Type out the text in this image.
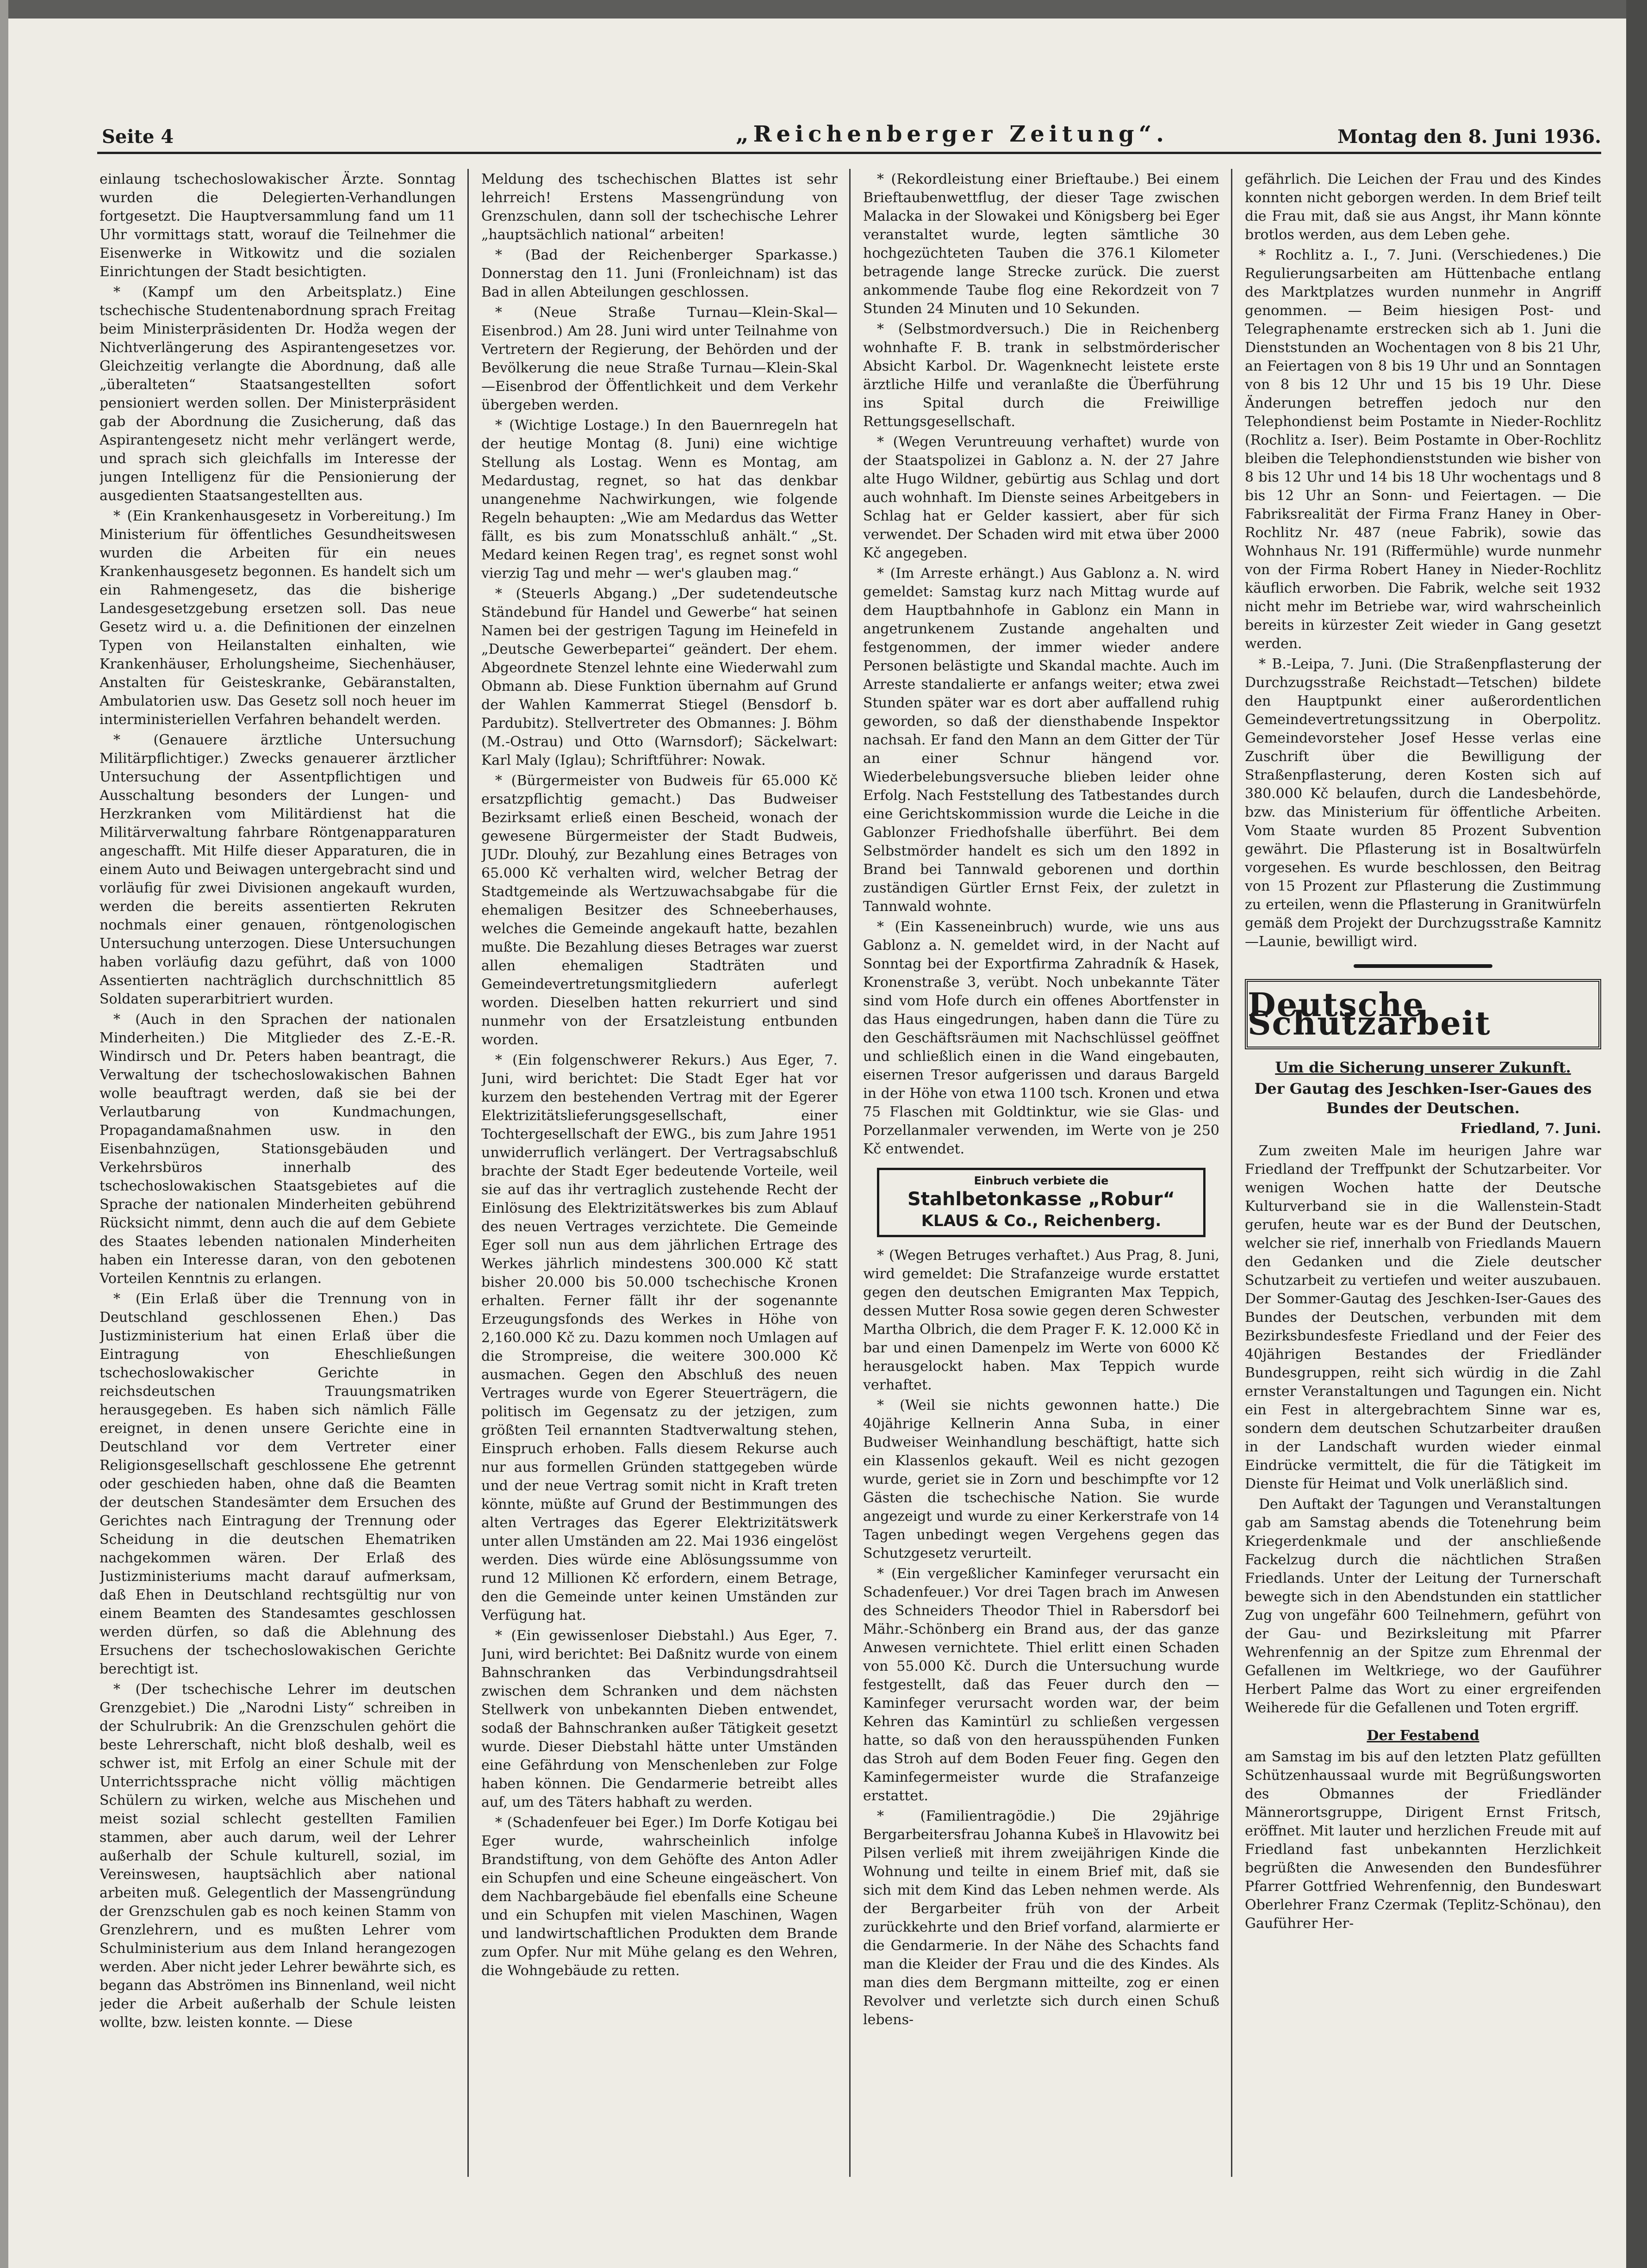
Seite 4	„Reichenberger Zeitung“.	Montag den 8. Juni 1936.

einlaung tschechoslowakischer Ärzte. Sonntag wurden die Delegierten-Verhandlungen fortgesetzt. Die Hauptversammlung fand um 11 Uhr vormittags statt, worauf die Teilnehmer die Eisenwerke in Witkowitz und die sozialen Einrichtungen der Stadt besichtigten.

* (Kampf um den Arbeitsplatz.) Eine tschechische Studentenabordnung sprach Freitag beim Ministerpräsidenten Dr. Hodža wegen der Nichtverlängerung des Aspirantengesetzes vor. Gleichzeitig verlangte die Abordnung, daß alle „überalteten“ Staatsangestellten sofort pensioniert werden sollen. Der Ministerpräsident gab der Abordnung die Zusicherung, daß das Aspirantengesetz nicht mehr verlängert werde, und sprach sich gleichfalls im Interesse der jungen Intelligenz für die Pensionierung der ausgedienten Staatsangestellten aus.

* (Ein Krankenhausgesetz in Vorbereitung.) Im Ministerium für öffentliches Gesundheitswesen wurden die Arbeiten für ein neues Krankenhausgesetz begonnen. Es handelt sich um ein Rahmengesetz, das die bisherige Landesgesetzgebung ersetzen soll. Das neue Gesetz wird u. a. die Definitionen der einzelnen Typen von Heilanstalten einhalten, wie Krankenhäuser, Erholungsheime, Siechenhäuser, Anstalten für Geisteskranke, Gebäranstalten, Ambulatorien usw. Das Gesetz soll noch heuer im interministeriellen Verfahren behandelt werden.

* (Genauere ärztliche Untersuchung Militärpflichtiger.) Zwecks genauerer ärztlicher Untersuchung der Assentpflichtigen und Ausschaltung besonders der Lungen- und Herzkranken vom Militärdienst hat die Militärverwaltung fahrbare Röntgenapparaturen angeschafft. Mit Hilfe dieser Apparaturen, die in einem Auto und Beiwagen untergebracht sind und vorläufig für zwei Divisionen angekauft wurden, werden die bereits assentierten Rekruten nochmals einer genauen, röntgenologischen Untersuchung unterzogen. Diese Untersuchungen haben vorläufig dazu geführt, daß von 1000 Assentierten nachträglich durchschnittlich 85 Soldaten superarbitriert wurden.

* (Auch in den Sprachen der nationalen Minderheiten.) Die Mitglieder des Z.-E.-R. Windirsch und Dr. Peters haben beantragt, die Verwaltung der tschechoslowakischen Bahnen wolle beauftragt werden, daß sie bei der Verlautbarung von Kundmachungen, Propagandamaßnahmen usw. in den Eisenbahnzügen, Stationsgebäuden und Verkehrsbüros innerhalb des tschechoslowakischen Staatsgebietes auf die Sprache der nationalen Minderheiten gebührend Rücksicht nimmt, denn auch die auf dem Gebiete des Staates lebenden nationalen Minderheiten haben ein Interesse daran, von den gebotenen Vorteilen Kenntnis zu erlangen.

* (Ein Erlaß über die Trennung von in Deutschland geschlossenen Ehen.) Das Justizministerium hat einen Erlaß über die Eintragung von Eheschließungen tschechoslowakischer Gerichte in reichsdeutschen Trauungsmatriken herausgegeben. Es haben sich nämlich Fälle ereignet, in denen unsere Gerichte eine in Deutschland vor dem Vertreter einer Religionsgesellschaft geschlossene Ehe getrennt oder geschieden haben, ohne daß die Beamten der deutschen Standesämter dem Ersuchen des Gerichtes nach Eintragung der Trennung oder Scheidung in die deutschen Ehematriken nachgekommen wären. Der Erlaß des Justizministeriums macht darauf aufmerksam, daß Ehen in Deutschland rechtsgültig nur von einem Beamten des Standesamtes geschlossen werden dürfen, so daß die Ablehnung des Ersuchens der tschechoslowakischen Gerichte berechtigt ist.

* (Der tschechische Lehrer im deutschen Grenzgebiet.) Die „Narodni Listy“ schreiben in der Schulrubrik: An die Grenzschulen gehört die beste Lehrerschaft, nicht bloß deshalb, weil es schwer ist, mit Erfolg an einer Schule mit der Unterrichtssprache nicht völlig mächtigen Schülern zu wirken, welche aus Mischehen und meist sozial schlecht gestellten Familien stammen, aber auch darum, weil der Lehrer außerhalb der Schule kulturell, sozial, im Vereinswesen, hauptsächlich aber national arbeiten muß. Gelegentlich der Massengründung der Grenzschulen gab es noch keinen Stamm von Grenzlehrern, und es mußten Lehrer vom Schulministerium aus dem Inland herangezogen werden. Aber nicht jeder Lehrer bewährte sich, es begann das Abströmen ins Binnenland, weil nicht jeder die Arbeit außerhalb der Schule leisten wollte, bzw. leisten konnte. — Diese

Meldung des tschechischen Blattes ist sehr lehrreich! Erstens Massengründung von Grenzschulen, dann soll der tschechische Lehrer „hauptsächlich national“ arbeiten!

* (Bad der Reichenberger Sparkasse.) Donnerstag den 11. Juni (Fronleichnam) ist das Bad in allen Abteilungen geschlossen.

* (Neue Straße Turnau—Klein-Skal—Eisenbrod.) Am 28. Juni wird unter Teilnahme von Vertretern der Regierung, der Behörden und der Bevölkerung die neue Straße Turnau—Klein-Skal—Eisenbrod der Öffentlichkeit und dem Verkehr übergeben werden.

* (Wichtige Lostage.) In den Bauernregeln hat der heutige Montag (8. Juni) eine wichtige Stellung als Lostag. Wenn es Montag, am Medardustag, regnet, so hat das denkbar unangenehme Nachwirkungen, wie folgende Regeln behaupten: „Wie am Medardus das Wetter fällt, es bis zum Monatsschluß anhält.“ „St. Medard keinen Regen trag', es regnet sonst wohl vierzig Tag und mehr — wer's glauben mag.“

* (Steuerls Abgang.) „Der sudetendeutsche Ständebund für Handel und Gewerbe“ hat seinen Namen bei der gestrigen Tagung im Heinefeld in „Deutsche Gewerbepartei“ geändert. Der ehem. Abgeordnete Stenzel lehnte eine Wiederwahl zum Obmann ab. Diese Funktion übernahm auf Grund der Wahlen Kammerrat Stiegel (Bensdorf b. Pardubitz). Stellvertreter des Obmannes: J. Böhm (M.-Ostrau) und Otto (Warnsdorf); Säckelwart: Karl Maly (Iglau); Schriftführer: Nowak.

* (Bürgermeister von Budweis für 65.000 Kč ersatzpflichtig gemacht.) Das Budweiser Bezirksamt erließ einen Bescheid, wonach der gewesene Bürgermeister der Stadt Budweis, JUDr. Dlouhý, zur Bezahlung eines Betrages von 65.000 Kč verhalten wird, welcher Betrag der Stadtgemeinde als Wertzuwachsabgabe für die ehemaligen Besitzer des Schneeberhauses, welches die Gemeinde angekauft hatte, bezahlen mußte. Die Bezahlung dieses Betrages war zuerst allen ehemaligen Stadträten und Gemeindevertretungsmitgliedern auferlegt worden. Dieselben hatten rekurriert und sind nunmehr von der Ersatzleistung entbunden worden.

* (Ein folgenschwerer Rekurs.) Aus Eger, 7. Juni, wird berichtet: Die Stadt Eger hat vor kurzem den bestehenden Vertrag mit der Egerer Elektrizitätslieferungsgesellschaft, einer Tochtergesellschaft der EWG., bis zum Jahre 1951 unwiderruflich verlängert. Der Vertragsabschluß brachte der Stadt Eger bedeutende Vorteile, weil sie auf das ihr vertraglich zustehende Recht der Einlösung des Elektrizitätswerkes bis zum Ablauf des neuen Vertrages verzichtete. Die Gemeinde Eger soll nun aus dem jährlichen Ertrage des Werkes jährlich mindestens 300.000 Kč statt bisher 20.000 bis 50.000 tschechische Kronen erhalten. Ferner fällt ihr der sogenannte Erzeugungsfonds des Werkes in Höhe von 2,160.000 Kč zu. Dazu kommen noch Umlagen auf die Strompreise, die weitere 300.000 Kč ausmachen. Gegen den Abschluß des neuen Vertrages wurde von Egerer Steuerträgern, die politisch im Gegensatz zu der jetzigen, zum größten Teil ernannten Stadtverwaltung stehen, Einspruch erhoben. Falls diesem Rekurse auch nur aus formellen Gründen stattgegeben würde und der neue Vertrag somit nicht in Kraft treten könnte, müßte auf Grund der Bestimmungen des alten Vertrages das Egerer Elektrizitätswerk unter allen Umständen am 22. Mai 1936 eingelöst werden. Dies würde eine Ablösungssumme von rund 12 Millionen Kč erfordern, einem Betrage, den die Gemeinde unter keinen Umständen zur Verfügung hat.

* (Ein gewissenloser Diebstahl.) Aus Eger, 7. Juni, wird berichtet: Bei Daßnitz wurde von einem Bahnschranken das Verbindungsdrahtseil zwischen dem Schranken und dem nächsten Stellwerk von unbekannten Dieben entwendet, sodaß der Bahnschranken außer Tätigkeit gesetzt wurde. Dieser Diebstahl hätte unter Umständen eine Gefährdung von Menschenleben zur Folge haben können. Die Gendarmerie betreibt alles auf, um des Täters habhaft zu werden.

* (Schadenfeuer bei Eger.) Im Dorfe Kotigau bei Eger wurde, wahrscheinlich infolge Brandstiftung, von dem Gehöfte des Anton Adler ein Schupfen und eine Scheune eingeäschert. Von dem Nachbargebäude fiel ebenfalls eine Scheune und ein Schupfen mit vielen Maschinen, Wagen und landwirtschaftlichen Produkten dem Brande zum Opfer. Nur mit Mühe gelang es den Wehren, die Wohngebäude zu retten.

* (Rekordleistung einer Brieftaube.) Bei einem Brieftaubenwettflug, der dieser Tage zwischen Malacka in der Slowakei und Königsberg bei Eger veranstaltet wurde, legten sämtliche 30 hochgezüchteten Tauben die 376.1 Kilometer betragende lange Strecke zurück. Die zuerst ankommende Taube flog eine Rekordzeit von 7 Stunden 24 Minuten und 10 Sekunden.

* (Selbstmordversuch.) Die in Reichenberg wohnhafte F. B. trank in selbstmörderischer Absicht Karbol. Dr. Wagenknecht leistete erste ärztliche Hilfe und veranlaßte die Überführung ins Spital durch die Freiwillige Rettungsgesellschaft.

* (Wegen Veruntreuung verhaftet) wurde von der Staatspolizei in Gablonz a. N. der 27 Jahre alte Hugo Wildner, gebürtig aus Schlag und dort auch wohnhaft. Im Dienste seines Arbeitgebers in Schlag hat er Gelder kassiert, aber für sich verwendet. Der Schaden wird mit etwa über 2000 Kč angegeben.

* (Im Arreste erhängt.) Aus Gablonz a. N. wird gemeldet: Samstag kurz nach Mittag wurde auf dem Hauptbahnhofe in Gablonz ein Mann in angetrunkenem Zustande angehalten und festgenommen, der immer wieder andere Personen belästigte und Skandal machte. Auch im Arreste standalierte er anfangs weiter; etwa zwei Stunden später war es dort aber auffallend ruhig geworden, so daß der diensthabende Inspektor nachsah. Er fand den Mann an dem Gitter der Tür an einer Schnur hängend vor. Wiederbelebungsversuche blieben leider ohne Erfolg. Nach Feststellung des Tatbestandes durch eine Gerichtskommission wurde die Leiche in die Gablonzer Friedhofshalle überführt. Bei dem Selbstmörder handelt es sich um den 1892 in Brand bei Tannwald geborenen und dorthin zuständigen Gürtler Ernst Feix, der zuletzt in Tannwald wohnte.

* (Ein Kasseneinbruch) wurde, wie uns aus Gablonz a. N. gemeldet wird, in der Nacht auf Sonntag bei der Exportfirma Zahradník & Hasek, Kronenstraße 3, verübt. Noch unbekannte Täter sind vom Hofe durch ein offenes Abortfenster in das Haus eingedrungen, haben dann die Türe zu den Geschäftsräumen mit Nachschlüssel geöffnet und schließlich einen in die Wand eingebauten, eisernen Tresor aufgerissen und daraus Bargeld in der Höhe von etwa 1100 tsch. Kronen und etwa 75 Flaschen mit Goldtinktur, wie sie Glas- und Porzellanmaler verwenden, im Werte von je 250 Kč entwendet.

Einbruch verbiete die
Stahlbetonkasse „Robur“
KLAUS & Co., Reichenberg.

* (Wegen Betruges verhaftet.) Aus Prag, 8. Juni, wird gemeldet: Die Strafanzeige wurde erstattet gegen den deutschen Emigranten Max Teppich, dessen Mutter Rosa sowie gegen deren Schwester Martha Olbrich, die dem Prager F. K. 12.000 Kč in bar und einen Damenpelz im Werte von 6000 Kč herausgelockt haben. Max Teppich wurde verhaftet.

* (Weil sie nichts gewonnen hatte.) Die 40jährige Kellnerin Anna Suba, in einer Budweiser Weinhandlung beschäftigt, hatte sich ein Klassenlos gekauft. Weil es nicht gezogen wurde, geriet sie in Zorn und beschimpfte vor 12 Gästen die tschechische Nation. Sie wurde angezeigt und wurde zu einer Kerkerstrafe von 14 Tagen unbedingt wegen Vergehens gegen das Schutzgesetz verurteilt.

* (Ein vergeßlicher Kaminfeger verursacht ein Schadenfeuer.) Vor drei Tagen brach im Anwesen des Schneiders Theodor Thiel in Rabersdorf bei Mähr.-Schönberg ein Brand aus, der das ganze Anwesen vernichtete. Thiel erlitt einen Schaden von 55.000 Kč. Durch die Untersuchung wurde festgestellt, daß das Feuer durch den — Kaminfeger verursacht worden war, der beim Kehren das Kamintürl zu schließen vergessen hatte, so daß von den herausspühenden Funken das Stroh auf dem Boden Feuer fing. Gegen den Kaminfegermeister wurde die Strafanzeige erstattet.

* (Familientragödie.) Die 29jährige Bergarbeitersfrau Johanna Kubeš in Hlavowitz bei Pilsen verließ mit ihrem zweijährigen Kinde die Wohnung und teilte in einem Brief mit, daß sie sich mit dem Kind das Leben nehmen werde. Als der Bergarbeiter früh von der Arbeit zurückkehrte und den Brief vorfand, alarmierte er die Gendarmerie. In der Nähe des Schachts fand man die Kleider der Frau und die des Kindes. Als man dies dem Bergmann mitteilte, zog er einen Revolver und verletzte sich durch einen Schuß lebens-

gefährlich. Die Leichen der Frau und des Kindes konnten nicht geborgen werden. In dem Brief teilt die Frau mit, daß sie aus Angst, ihr Mann könnte brotlos werden, aus dem Leben gehe.

* Rochlitz a. I., 7. Juni. (Verschiedenes.) Die Regulierungsarbeiten am Hüttenbache entlang des Marktplatzes wurden nunmehr in Angriff genommen. — Beim hiesigen Post- und Telegraphenamte erstrecken sich ab 1. Juni die Dienststunden an Wochentagen von 8 bis 21 Uhr, an Feiertagen von 8 bis 19 Uhr und an Sonntagen von 8 bis 12 Uhr und 15 bis 19 Uhr. Diese Änderungen betreffen jedoch nur den Telephondienst beim Postamte in Nieder-Rochlitz (Rochlitz a. Iser). Beim Postamte in Ober-Rochlitz bleiben die Telephondienststunden wie bisher von 8 bis 12 Uhr und 14 bis 18 Uhr wochentags und 8 bis 12 Uhr an Sonn- und Feiertagen. — Die Fabriksrealität der Firma Franz Haney in Ober-Rochlitz Nr. 487 (neue Fabrik), sowie das Wohnhaus Nr. 191 (Riffermühle) wurde nunmehr von der Firma Robert Haney in Nieder-Rochlitz käuflich erworben. Die Fabrik, welche seit 1932 nicht mehr im Betriebe war, wird wahrscheinlich bereits in kürzester Zeit wieder in Gang gesetzt werden.

* B.-Leipa, 7. Juni. (Die Straßenpflasterung der Durchzugsstraße Reichstadt—Tetschen) bildete den Hauptpunkt einer außerordentlichen Gemeindevertretungssitzung in Oberpolitz. Gemeindevorsteher Josef Hesse verlas eine Zuschrift über die Bewilligung der Straßenpflasterung, deren Kosten sich auf 380.000 Kč belaufen, durch die Landesbehörde, bzw. das Ministerium für öffentliche Arbeiten. Vom Staate wurden 85 Prozent Subvention gewährt. Die Pflasterung ist in Bosaltwürfeln vorgesehen. Es wurde beschlossen, den Beitrag von 15 Prozent zur Pflasterung die Zustimmung zu erteilen, wenn die Pflasterung in Granitwürfeln gemäß dem Projekt der Durchzugsstraße Kamnitz—Launie, bewilligt wird.

Deutsche Schutzarbeit
Um die Sicherung unserer Zukunft.
Der Gautag des Jeschken-Iser-Gaues des Bundes der Deutschen.
Friedland, 7. Juni.

Zum zweiten Male im heurigen Jahre war Friedland der Treffpunkt der Schutzarbeiter. Vor wenigen Wochen hatte der Deutsche Kulturverband sie in die Wallenstein-Stadt gerufen, heute war es der Bund der Deutschen, welcher sie rief, innerhalb von Friedlands Mauern den Gedanken und die Ziele deutscher Schutzarbeit zu vertiefen und weiter auszubauen. Der Sommer-Gautag des Jeschken-Iser-Gaues des Bundes der Deutschen, verbunden mit dem Bezirksbundesfeste Friedland und der Feier des 40jährigen Bestandes der Friedländer Bundesgruppen, reiht sich würdig in die Zahl ernster Veranstaltungen und Tagungen ein. Nicht ein Fest in altergebrachtem Sinne war es, sondern dem deutschen Schutzarbeiter draußen in der Landschaft wurden wieder einmal Eindrücke vermittelt, die für die Tätigkeit im Dienste für Heimat und Volk unerläßlich sind.

Den Auftakt der Tagungen und Veranstaltungen gab am Samstag abends die Totenehrung beim Kriegerdenkmale und der anschließende Fackelzug durch die nächtlichen Straßen Friedlands. Unter der Leitung der Turnerschaft bewegte sich in den Abendstunden ein stattlicher Zug von ungefähr 600 Teilnehmern, geführt von der Gau- und Bezirksleitung mit Pfarrer Wehrenfennig an der Spitze zum Ehrenmal der Gefallenen im Weltkriege, wo der Gauführer Herbert Palme das Wort zu einer ergreifenden Weiherede für die Gefallenen und Toten ergriff.

Der Festabend

am Samstag im bis auf den letzten Platz gefüllten Schützenhaussaal wurde mit Begrüßungsworten des Obmannes der Friedländer Männerortsgruppe, Dirigent Ernst Fritsch, eröffnet. Mit lauter und herzlichen Freude mit auf Friedland fast unbekannten Herzlichkeit begrüßten die Anwesenden den Bundesführer Pfarrer Gottfried Wehrenfennig, den Bundeswart Oberlehrer Franz Czermak (Teplitz-Schönau), den Gauführer Her-
